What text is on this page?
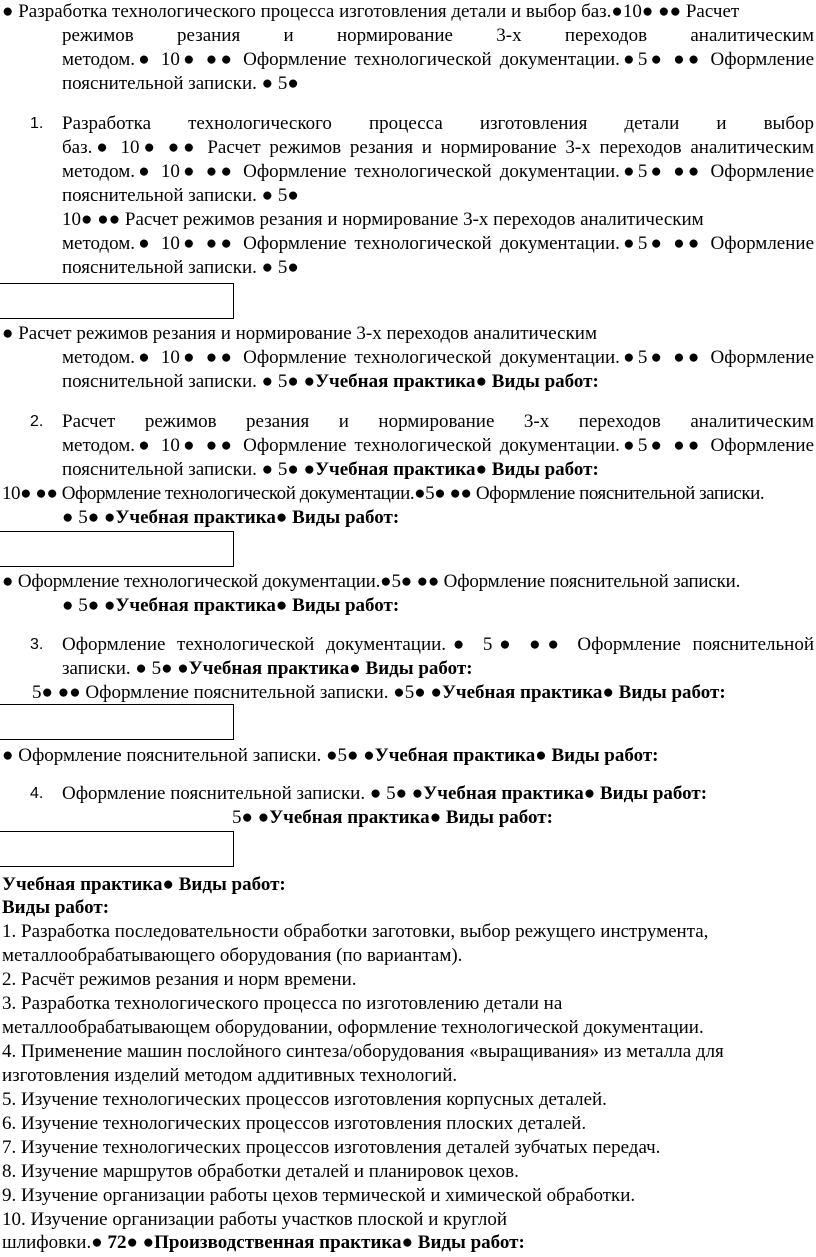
● Разработка технологического процесса изготовления детали и выбор баз.●10● ●● Расчет
режимов резания и нормирование 3-х переходов аналитическим
методом.● 10● ●● Оформление технологической документации.●5● ●● Оформление
пояснительной записки. ● 5●
1. Разработка технологического процесса изготовления детали и выбор
баз.● 10● ●● Расчет режимов резания и нормирование 3-х переходов аналитическим
методом.● 10● ●● Оформление технологической документации.●5● ●● Оформление
пояснительной записки. ● 5●
10● ●● Расчет режимов резания и нормирование 3-х переходов аналитическим
методом.● 10● ●● Оформление технологической документации.●5● ●● Оформление
пояснительной записки. ● 5●
● Расчет режимов резания и нормирование 3-х переходов аналитическим
методом.● 10● ●● Оформление технологической документации.●5● ●● Оформление
пояснительной записки. ● 5● ●Учебная практика● Виды работ:
2. Расчет режимов резания и нормирование 3-х переходов аналитическим
методом.● 10● ●● Оформление технологической документации.●5● ●● Оформление
пояснительной записки. ● 5● ●Учебная практика● Виды работ:
10● ●● Оформление технологической документации.●5● ●● Оформление пояснительной записки.
● 5● ●Учебная практика● Виды работ:
● Оформление технологической документации.●5● ●● Оформление пояснительной записки.
● 5● ●Учебная практика● Виды работ:
3. Оформление технологической документации.● 5● ●● Оформление пояснительной
записки. ● 5● ●Учебная практика● Виды работ:
5● ●● Оформление пояснительной записки. ●5● ●Учебная практика● Виды работ:
● Оформление пояснительной записки. ●5● ●Учебная практика● Виды работ:
4. Оформление пояснительной записки. ● 5● ●Учебная практика● Виды работ:
5● ●Учебная практика● Виды работ:
Учебная практика● Виды работ:
Виды работ:
1. Разработка последовательности обработки заготовки, выбор режущего инструмента,
металлообрабатывающего оборудования (по вариантам).
2. Расчёт режимов резания и норм времени.
3. Разработка технологического процесса по изготовлению детали на
металлообрабатывающем оборудовании, оформление технологической документации.
4. Применение машин послойного синтеза/оборудования «выращивания» из металла для
изготовления изделий методом аддитивных технологий.
5. Изучение технологических процессов изготовления корпусных деталей.
6. Изучение технологических процессов изготовления плоских деталей.
7. Изучение технологических процессов изготовления деталей зубчатых передач.
8. Изучение маршрутов обработки деталей и планировок цехов.
9. Изучение организации работы цехов термической и химической обработки.
10. Изучение организации работы участков плоской и круглой
шлифовки.● 72● ●Производственная практика● Виды работ:
